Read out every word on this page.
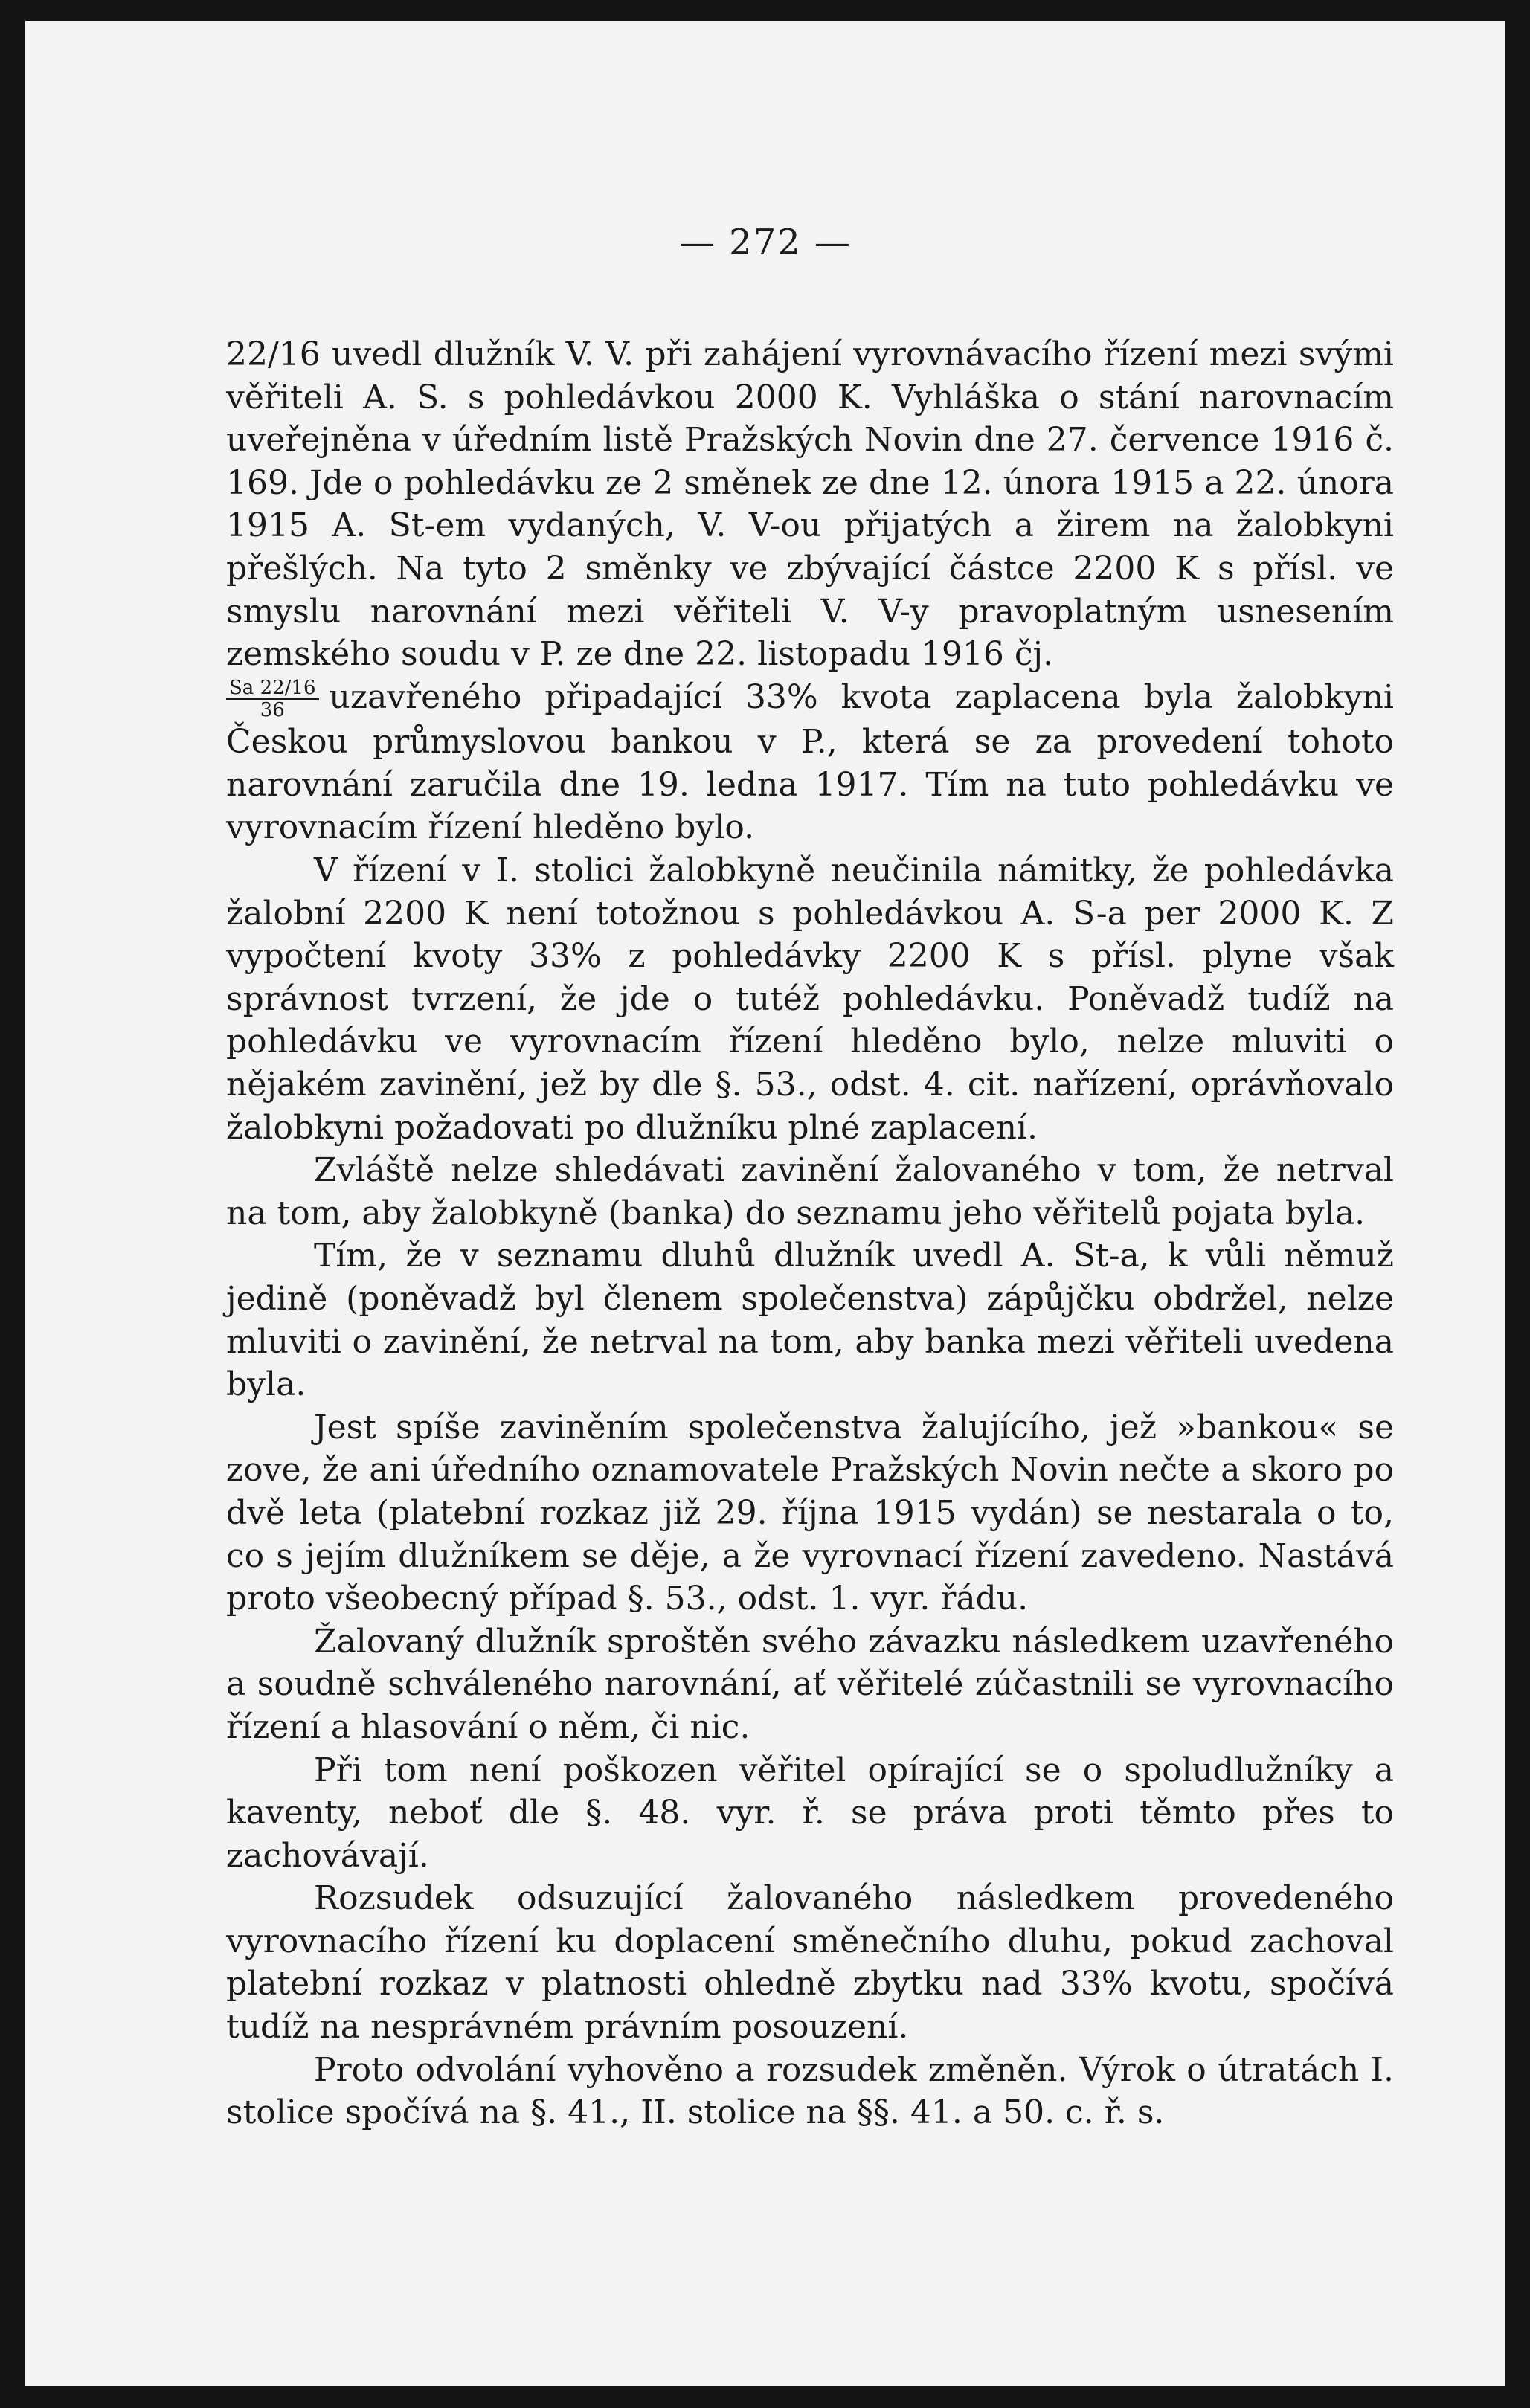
— 272 —

22/16 uvedl dlužník V. V. při zahájení vyrovnávacího řízení mezi svými věřiteli A. S. s pohledávkou 2000 K. Vyhláška o stání narovnacím uveřejněna v úředním listě Pražských Novin dne 27. července 1916 č. 169. Jde o pohledávku ze 2 směnek ze dne 12. února 1915 a 22. února 1915 A. St-em vydaných, V. V-ou přijatých a žirem na žalobkyni přešlých. Na tyto 2 směnky ve zbývající částce 2200 K s přísl. ve smyslu narovnání mezi věřiteli V. V-y pravoplatným usnesením zemského soudu v P. ze dne 22. listopadu 1916 čj.

$\frac{Sa 22/16}{36}$ uzavřeného připadající 33% kvota zaplacena byla žalobkyni Českou průmyslovou bankou v P., která se za provedení tohoto narovnání zaručila dne 19. ledna 1917. Tím na tuto pohledávku ve vyrovnacím řízení hleděno bylo.

V řízení v I. stolici žalobkyně neučinila námitky, že pohledávka žalobní 2200 K není totožnou s pohledávkou A. S-a per 2000 K. Z vypočtení kvoty 33% z pohledávky 2200 K s přísl. plyne však správnost tvrzení, že jde o tutéž pohledávku. Poněvadž tudíž na pohledávku ve vyrovnacím řízení hleděno bylo, nelze mluviti o nějakém zavinění, jež by dle §. 53., odst. 4. cit. nařízení, oprávňovalo žalobkyni požadovati po dlužníku plné zaplacení.

Zvláště nelze shledávati zavinění žalovaného v tom, že netrval na tom, aby žalobkyně (banka) do seznamu jeho věřitelů pojata byla.

Tím, že v seznamu dluhů dlužník uvedl A. St-a, k vůli němuž jedině (poněvadž byl členem společenstva) zápůjčku obdržel, nelze mluviti o zavinění, že netrval na tom, aby banka mezi věřiteli uvedena byla.

Jest spíše zaviněním společenstva žalujícího, jež »bankou« se zove, že ani úředního oznamovatele Pražských Novin nečte a skoro po dvě leta (platební rozkaz již 29. října 1915 vydán) se nestarala o to, co s jejím dlužníkem se děje, a že vyrovnací řízení zavedeno. Nastává proto všeobecný případ §. 53., odst. 1. vyr. řádu.

Žalovaný dlužník sproštěn svého závazku následkem uzavřeného a soudně schváleného narovnání, ať věřitelé zúčastnili se vyrovnacího řízení a hlasování o něm, či nic.

Při tom není poškozen věřitel opírající se o spoludlužníky a kaventy, neboť dle §. 48. vyr. ř. se práva proti těmto přes to zachovávají.

Rozsudek odsuzující žalovaného následkem provedeného vyrovnacího řízení ku doplacení směnečního dluhu, pokud zachoval platební rozkaz v platnosti ohledně zbytku nad 33% kvotu, spočívá tudíž na nesprávném právním posouzení.

Proto odvolání vyhověno a rozsudek změněn. Výrok o útratách I. stolice spočívá na §. 41., II. stolice na §§. 41. a 50. c. ř. s.
